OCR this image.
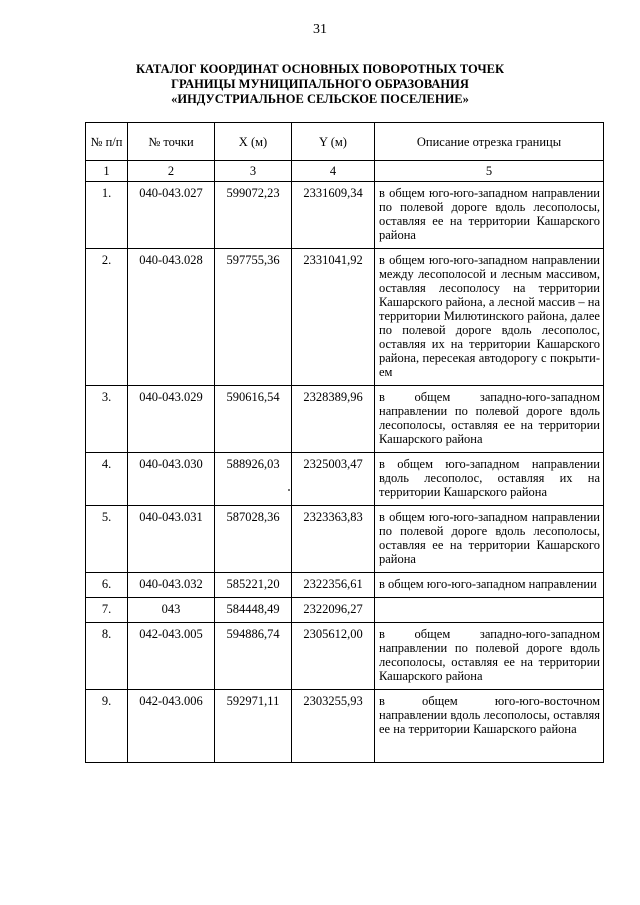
31
КАТАЛОГ КООРДИНАТ ОСНОВНЫХ ПОВОРОТНЫХ ТОЧЕК
ГРАНИЦЫ МУНИЦИПАЛЬНОГО ОБРАЗОВАНИЯ
«ИНДУСТРИАЛЬНОЕ СЕЛЬСКОЕ ПОСЕЛЕНИЕ»
№ п/п	№ точки	X (м)	Y (м)	Описание отрезка границы
1	2	3	4	5
1.	040-043.027	599072,23	2331609,34	в общем юго-юго-западном направлении по полевой дороге вдоль лесополосы, оставляя ее на территории Кашарского района
2.	040-043.028	597755,36	2331041,92	в общем юго-юго-западном направлении между лесополосой и лесным массивом, оставляя лесополосу на территории Кашарского района, а лесной массив – на территории Милютинского района, далее по полевой дороге вдоль лесополос, оставляя их на территории Кашарского района, пересекая автодорогу с покрытием
3.	040-043.029	590616,54	2328389,96	в общем западно-юго-западном направлении по полевой дороге вдоль лесополосы, оставляя ее на территории Кашарского района
4.	040-043.030	588926,03	2325003,47	в общем юго-западном направлении вдоль лесополос, оставляя их на территории Кашарского района
5.	040-043.031	587028,36	2323363,83	в общем юго-юго-западном направлении по полевой дороге вдоль лесополосы, оставляя ее на территории Кашарского района
6.	040-043.032	585221,20	2322356,61	в общем юго-юго-западном направлении
7.	043	584448,49	2322096,27	
8.	042-043.005	594886,74	2305612,00	в общем западно-юго-западном направлении по полевой дороге вдоль лесополосы, оставляя ее на территории Кашарского района
9.	042-043.006	592971,11	2303255,93	в общем юго-юго-восточном направлении вдоль лесополосы, оставляя ее на территории Кашарского района
